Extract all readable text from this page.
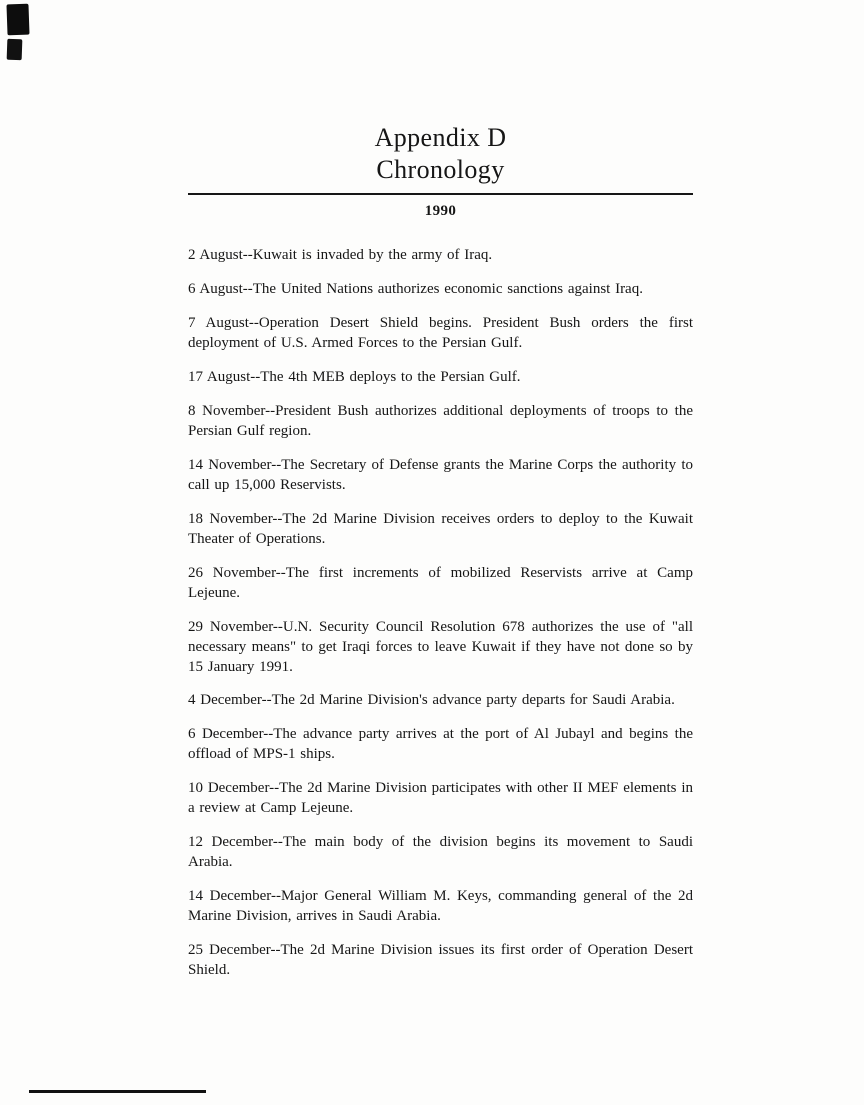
Appendix D
Chronology
1990

2 August--Kuwait is invaded by the army of Iraq.

6 August--The United Nations authorizes economic sanctions against Iraq.

7 August--Operation Desert Shield begins. President Bush orders the first deployment of U.S. Armed Forces to the Persian Gulf.

17 August--The 4th MEB deploys to the Persian Gulf.

8 November--President Bush authorizes additional deployments of troops to the Persian Gulf region.

14 November--The Secretary of Defense grants the Marine Corps the authority to call up 15,000 Reservists.

18 November--The 2d Marine Division receives orders to deploy to the Kuwait Theater of Operations.

26 November--The first increments of mobilized Reservists arrive at Camp Lejeune.

29 November--U.N. Security Council Resolution 678 authorizes the use of "all necessary means" to get Iraqi forces to leave Kuwait if they have not done so by 15 January 1991.

4 December--The 2d Marine Division's advance party departs for Saudi Arabia.

6 December--The advance party arrives at the port of Al Jubayl and begins the offload of MPS-1 ships.

10 December--The 2d Marine Division participates with other II MEF elements in a review at Camp Lejeune.

12 December--The main body of the division begins its movement to Saudi Arabia.

14 December--Major General William M. Keys, commanding general of the 2d Marine Division, arrives in Saudi Arabia.

25 December--The 2d Marine Division issues its first order of Operation Desert Shield.
